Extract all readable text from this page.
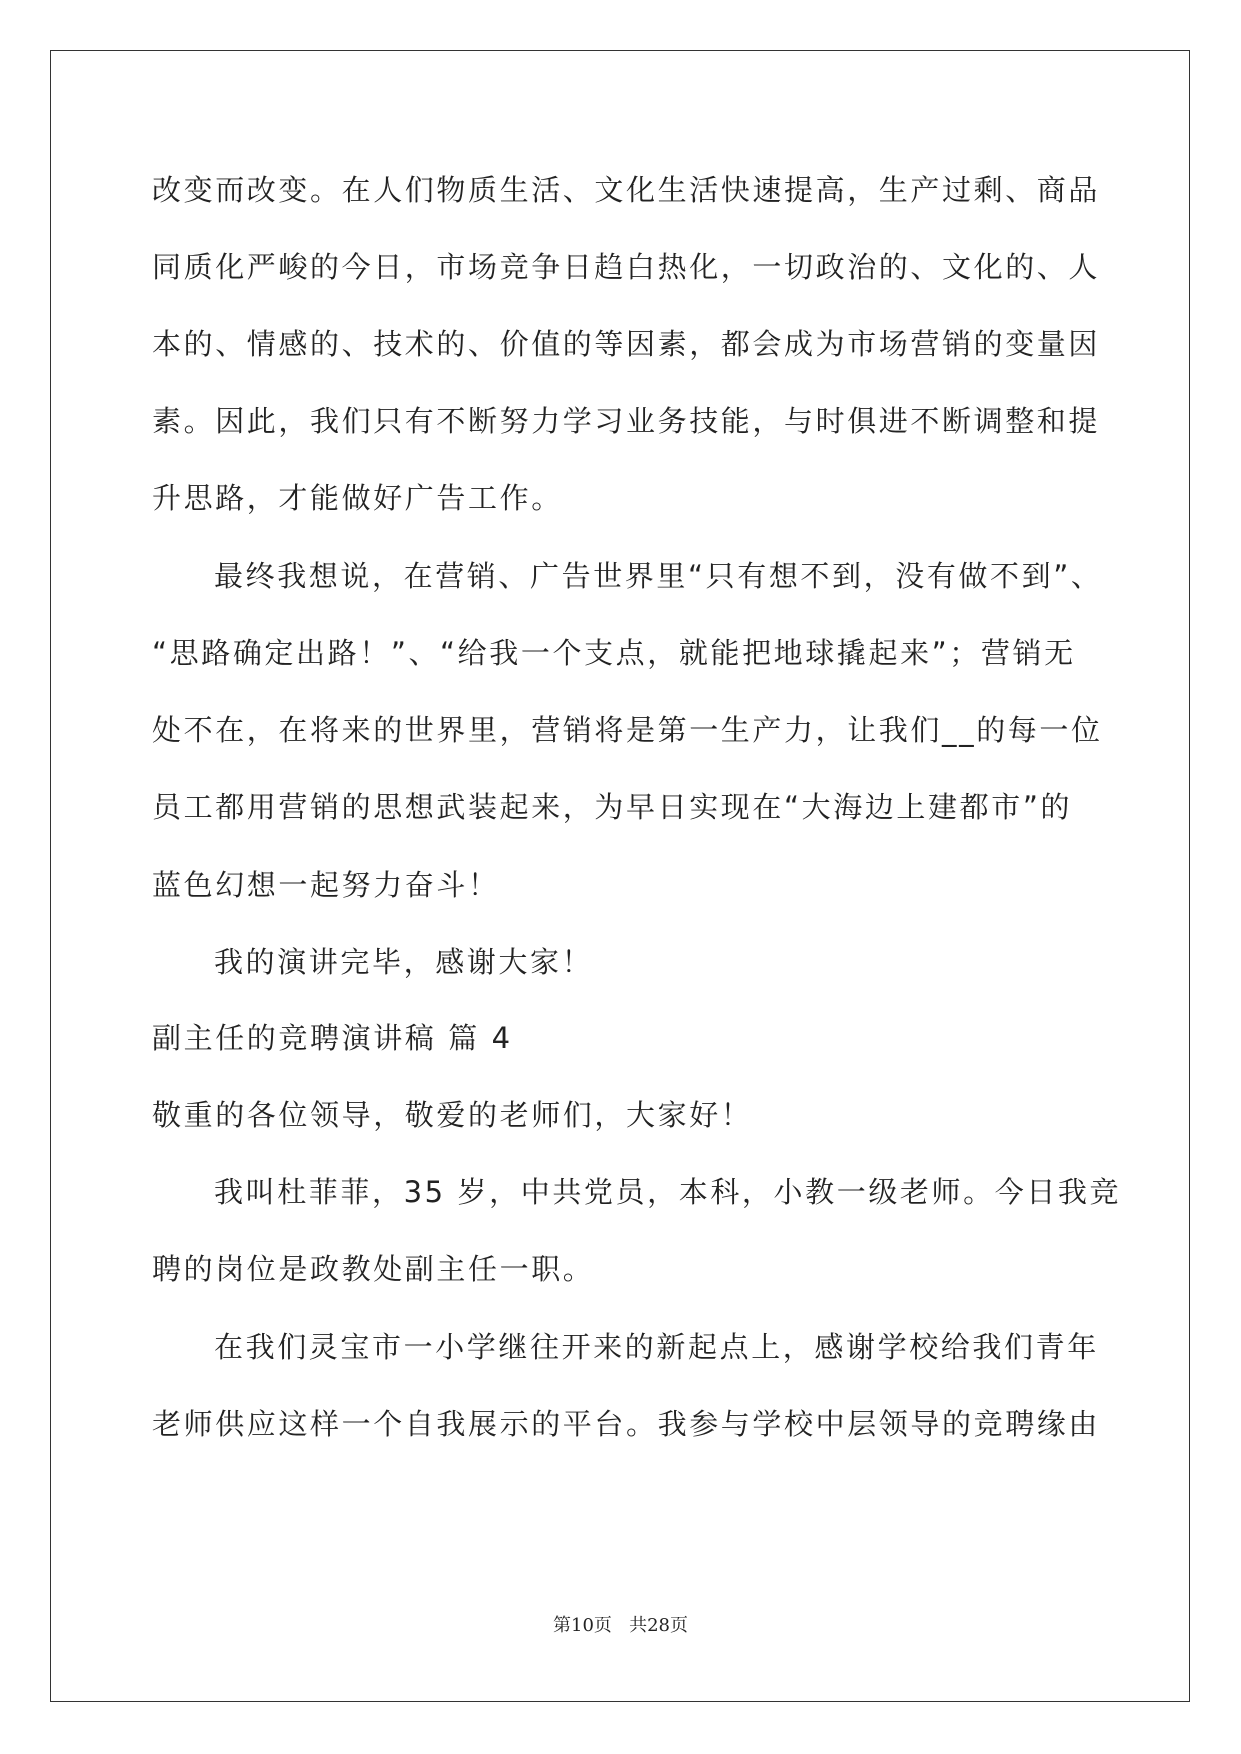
改变而改变。在人们物质生活、文化生活快速提高，生产过剩、商品
同质化严峻的今日，市场竞争日趋白热化，一切政治的、文化的、人
本的、情感的、技术的、价值的等因素，都会成为市场营销的变量因
素。因此，我们只有不断努力学习业务技能，与时俱进不断调整和提
升思路，才能做好广告工作。
最终我想说，在营销、广告世界里“只有想不到，没有做不到”、
“思路确定出路！”、“给我一个支点，就能把地球撬起来”；营销无
处不在，在将来的世界里，营销将是第一生产力，让我们__的每一位
员工都用营销的思想武装起来，为早日实现在“大海边上建都市”的
蓝色幻想一起努力奋斗！
我的演讲完毕，感谢大家！
副主任的竞聘演讲稿 篇 4
敬重的各位领导，敬爱的老师们，大家好！
我叫杜菲菲，35 岁，中共党员，本科，小教一级老师。今日我竞
聘的岗位是政教处副主任一职。
在我们灵宝市一小学继往开来的新起点上，感谢学校给我们青年
老师供应这样一个自我展示的平台。我参与学校中层领导的竞聘缘由
第10页 共28页
